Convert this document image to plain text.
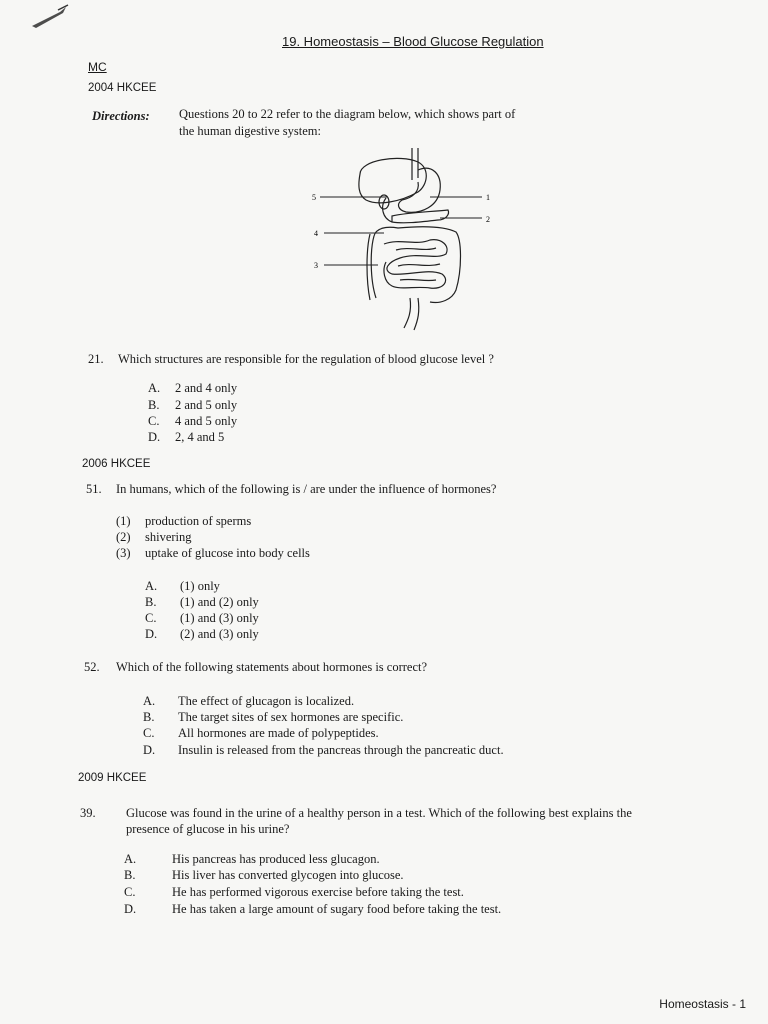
19. Homeostasis – Blood Glucose Regulation
MC
2004 HKCEE
Directions: Questions 20 to 22 refer to the diagram below, which shows part of
the human digestive system:
5	1
2
4
3
21. Which structures are responsible for the regulation of blood glucose level ?
A. 2 and 4 only
B. 2 and 5 only
C. 4 and 5 only
D. 2, 4 and 5
2006 HKCEE
51. In humans, which of the following is / are under the influence of hormones?
(1) production of sperms
(2) shivering
(3) uptake of glucose into body cells
A. (1) only
B. (1) and (2) only
C. (1) and (3) only
D. (2) and (3) only
52. Which of the following statements about hormones is correct?
A. The effect of glucagon is localized.
B. The target sites of sex hormones are specific.
C. All hormones are made of polypeptides.
D. Insulin is released from the pancreas through the pancreatic duct.
2009 HKCEE
39. Glucose was found in the urine of a healthy person in a test. Which of the following best explains the
presence of glucose in his urine?
A.	His pancreas has produced less glucagon.
B.	His liver has converted glycogen into glucose.
C.	He has performed vigorous exercise before taking the test.
D.	He has taken a large amount of sugary food before taking the test.
Homeostasis - 1
